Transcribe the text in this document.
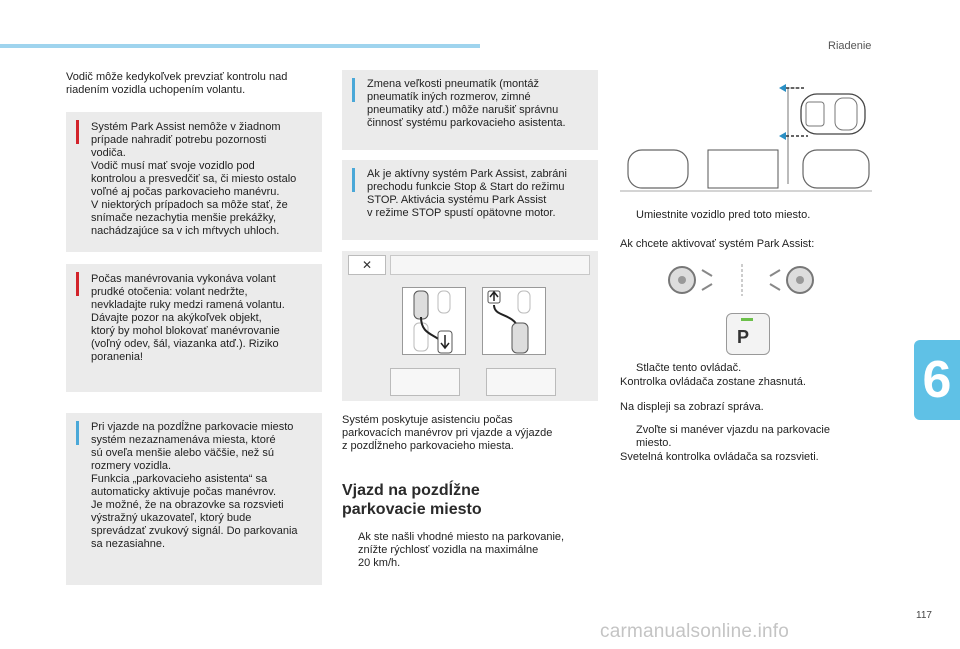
Riadenie
6

Vodič môže kedykoľvek prevziať kontrolu nad
riadením vozidla uchopením volantu.

Systém Park Assist nemôže v žiadnom
prípade nahradiť potrebu pozornosti
vodiča.
Vodič musí mať svoje vozidlo pod
kontrolou a presvedčiť sa, či miesto ostalo
voľné aj počas parkovacieho manévru.
V niektorých prípadoch sa môže stať, že
snímače nezachytia menšie prekážky,
nachádzajúce sa v ich mŕtvych uhloch.

Počas manévrovania vykonáva volant
prudké otočenia: volant nedržte,
nevkladajte ruky medzi ramená volantu.
Dávajte pozor na akýkoľvek objekt,
ktorý by mohol blokovať manévrovanie
(voľný odev, šál, viazanka atď.). Riziko
poranenia!

Pri vjazde na pozdĺžne parkovacie miesto
systém nezaznamenáva miesta, ktoré
sú oveľa menšie alebo väčšie, než sú
rozmery vozidla.
Funkcia „parkovacieho asistenta“ sa
automaticky aktivuje počas manévrov.
Je možné, že na obrazovke sa rozsvieti
výstražný ukazovateľ, ktorý bude
sprevádzať zvukový signál. Do parkovania
sa nezasiahne.

Zmena veľkosti pneumatík (montáž
pneumatík iných rozmerov, zimné
pneumatiky atď.) môže narušiť správnu
činnosť systému parkovacieho asistenta.

Ak je aktívny systém Park Assist, zabráni
prechodu funkcie Stop & Start do režimu
STOP. Aktivácia systému Park Assist
v režime STOP spustí opätovne motor.

✕

Systém poskytuje asistenciu počas
parkovacích manévrov pri vjazde a výjazde
z pozdĺžneho parkovacieho miesta.

Vjazd na pozdĺžne
parkovacie miesto
Ak ste našli vhodné miesto na parkovanie,
znížte rýchlosť vozidla na maximálne
20 km/h.
Umiestnite vozidlo pred toto miesto.

Ak chcete aktivovať systém Park Assist:

P
Stlačte tento ovládač.

Kontrolka ovládača zostane zhasnutá.

Na displeji sa zobrazí správa.

Zvoľte si manéver vjazdu na parkovacie
miesto.

Svetelná kontrolka ovládača sa rozsvieti.

117
carmanualsonline.info
